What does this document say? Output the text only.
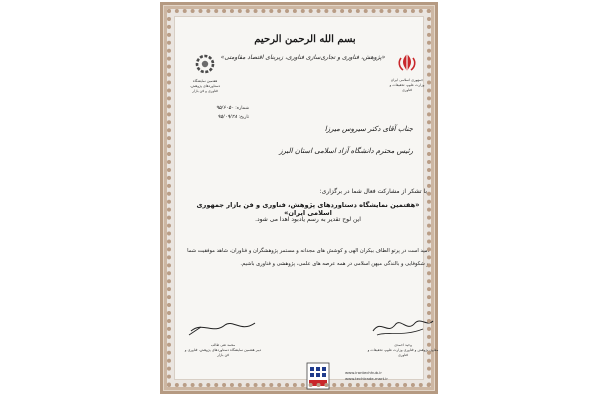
بسم الله الرحمن الرحیم
«پژوهش، فناوری و تجاری‌سازی فناوری، زیربنای اقتصاد مقاومتی»
جمهوری اسلامی ایران
وزارت علوم، تحقیقات و فناوری
هفتمین نمایشگاه دستاوردهای پژوهش، فناوری و فن بازار
شماره: ۹۵/۶۰۵۰
تاریخ: ۹۵/۰۹/۲۸
جناب آقای دکتر سیروس میرزا
رئیس محترم دانشگاه آزاد اسلامی استان البرز
با تشکر از مشارکت فعال شما در برگزاری:
«هفتمین نمایشگاه دستاوردهای پژوهش، فناوری و فن بازار جمهوری اسلامی ایران»
این لوح تقدیر به رسم یادبود اهدا می شود.
امید است در پرتو الطاف بیکران الهی و کوشش های مجدانه و مستمر پژوهشگران و فناوران، شاهد موفقیت شما و شکوفایی و بالندگی میهن اسلامی در همه عرصه های علمی، پژوهشی و فناوری باشیم.
وحید احمدی
معاون پژوهش و فناوری وزارت علوم، تحقیقات و فناوری
محمد تقی طالب
دبیر هفتمین نمایشگاه دستاوردهای پژوهش، فناوری و فن بازار
www.irantechhub.ir
www.techtrade-mart.ir
